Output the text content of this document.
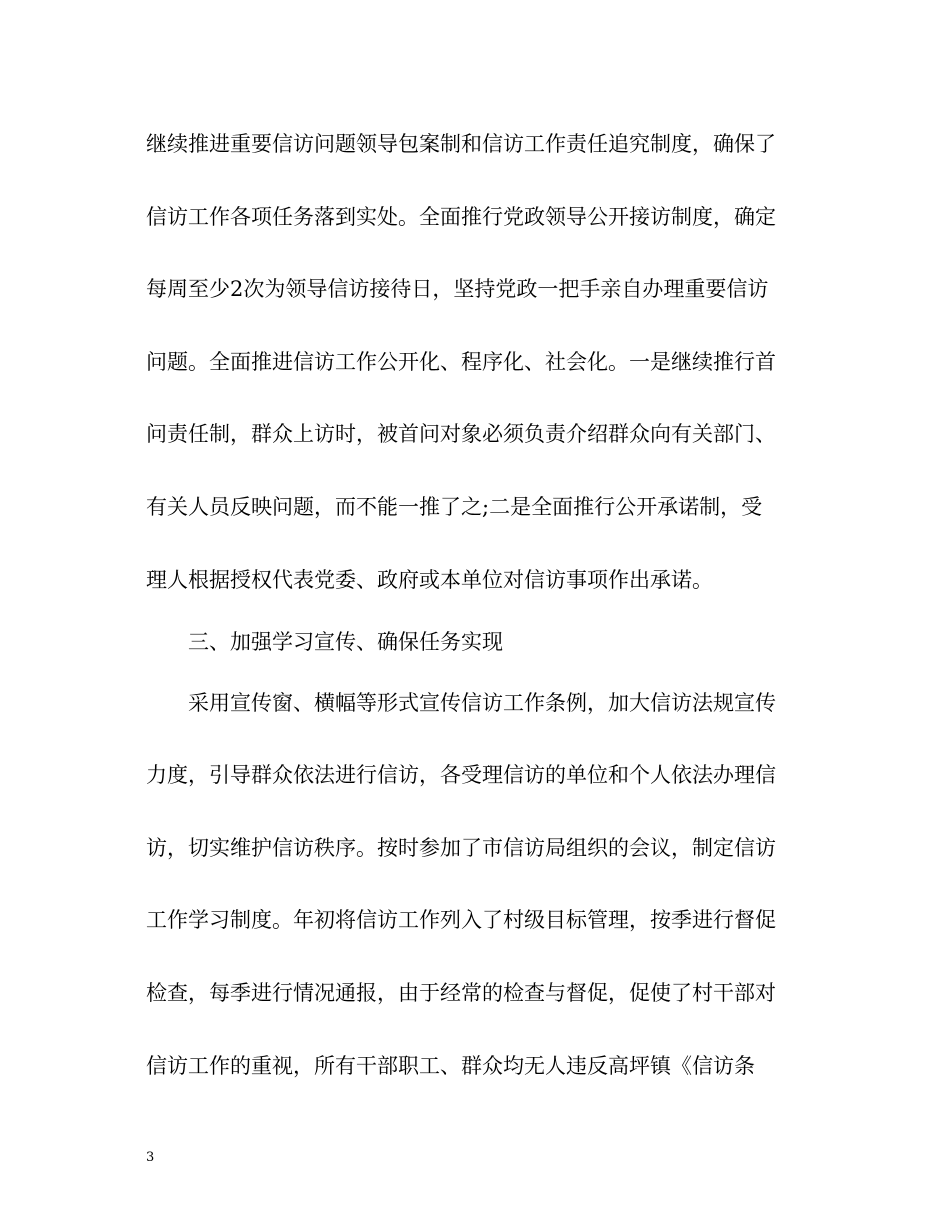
继续推进重要信访问题领导包案制和信访工作责任追究制度，确保了
信访工作各项任务落到实处。全面推行党政领导公开接访制度，确定
每周至少2次为领导信访接待日，坚持党政一把手亲自办理重要信访
问题。全面推进信访工作公开化、程序化、社会化。一是继续推行首
问责任制，群众上访时，被首问对象必须负责介绍群众向有关部门、
有关人员反映问题，而不能一推了之;二是全面推行公开承诺制，受
理人根据授权代表党委、政府或本单位对信访事项作出承诺。
三、加强学习宣传、确保任务实现
采用宣传窗、横幅等形式宣传信访工作条例，加大信访法规宣传
力度，引导群众依法进行信访，各受理信访的单位和个人依法办理信
访，切实维护信访秩序。按时参加了市信访局组织的会议，制定信访
工作学习制度。年初将信访工作列入了村级目标管理，按季进行督促
检查，每季进行情况通报，由于经常的检查与督促，促使了村干部对
信访工作的重视，所有干部职工、群众均无人违反高坪镇《信访条
3
